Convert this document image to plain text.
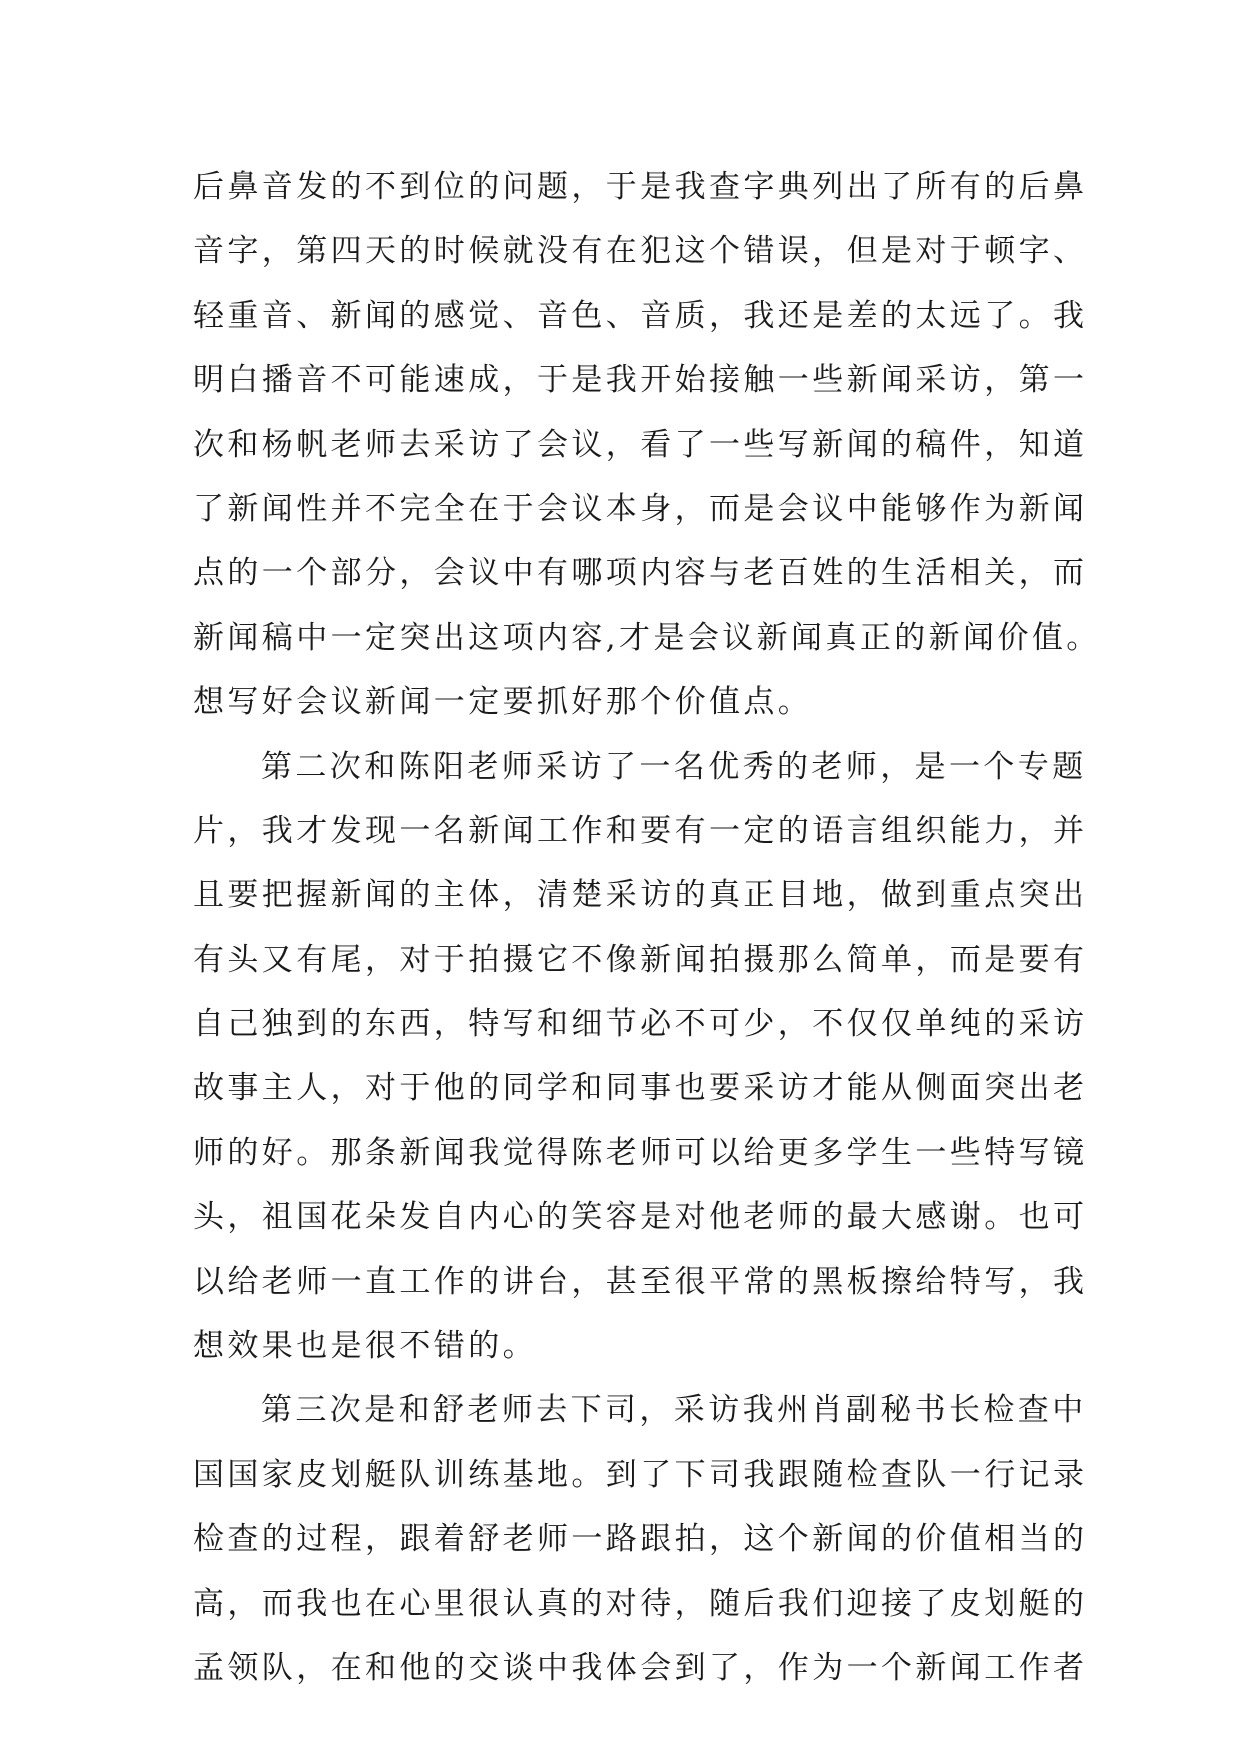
后鼻音发的不到位的问题，于是我查字典列出了所有的后鼻
音字，第四天的时候就没有在犯这个错误，但是对于顿字、
轻重音、新闻的感觉、音色、音质，我还是差的太远了。我
明白播音不可能速成，于是我开始接触一些新闻采访，第一
次和杨帆老师去采访了会议，看了一些写新闻的稿件，知道
了新闻性并不完全在于会议本身，而是会议中能够作为新闻
点的一个部分，会议中有哪项内容与老百姓的生活相关，而
新闻稿中一定突出这项内容,才是会议新闻真正的新闻价值。
想写好会议新闻一定要抓好那个价值点。
第二次和陈阳老师采访了一名优秀的老师，是一个专题
片，我才发现一名新闻工作和要有一定的语言组织能力，并
且要把握新闻的主体，清楚采访的真正目地，做到重点突出
有头又有尾，对于拍摄它不像新闻拍摄那么简单，而是要有
自己独到的东西，特写和细节必不可少，不仅仅单纯的采访
故事主人，对于他的同学和同事也要采访才能从侧面突出老
师的好。那条新闻我觉得陈老师可以给更多学生一些特写镜
头，祖国花朵发自内心的笑容是对他老师的最大感谢。也可
以给老师一直工作的讲台，甚至很平常的黑板擦给特写，我
想效果也是很不错的。
第三次是和舒老师去下司，采访我州肖副秘书长检查中
国国家皮划艇队训练基地。到了下司我跟随检查队一行记录
检查的过程，跟着舒老师一路跟拍，这个新闻的价值相当的
高，而我也在心里很认真的对待，随后我们迎接了皮划艇的
孟领队，在和他的交谈中我体会到了，作为一个新闻工作者
